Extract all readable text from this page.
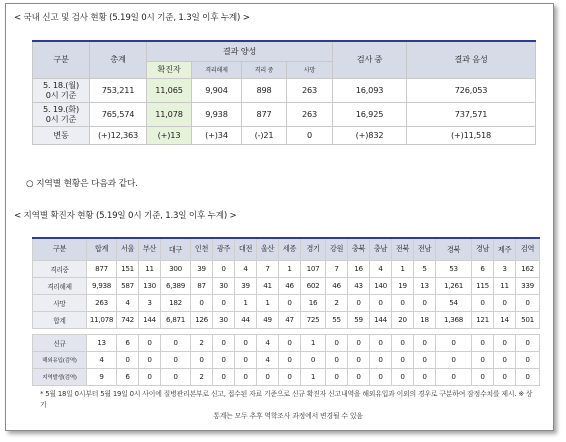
< 국내 신고 및 검사 현황 (5.19일 0시 기준, 1.3일 이후 누계) >
구분	총계	결과 양성				검사 중	결과 음성
		확진자	격리해제	격리 중	사망		
5. 18.(월)
0시 기준	753,211	11,065	9,904	898	263	16,093	726,053
5. 19.(화)
0시 기준	765,574	11,078	9,938	877	263	16,925	737,571
변동	(+)12,363	(+)13	(+)34	(-)21	0	(+)832	(+)11,518
○ 지역별 현황은 다음과 같다.
< 지역별 확진자 현황 (5.19일 0시 기준, 1.3일 이후 누계) >
구분	합계	서울	부산	대구	인천	광주	대전	울산	세종	경기	강원	충북	충남	전북	전남	경북	경남	제주	검역
격리중	877	151	11	300	39	0	4	7	1	107	7	16	4	1	5	53	6	3	162
격리해제	9,938	587	130	6,389	87	30	39	41	46	602	46	43	140	19	13	1,261	115	11	339
사망	263	4	3	182	0	0	1	1	0	16	2	0	0	0	0	54	0	0	0
합계	11,078	742	144	6,871	126	30	44	49	47	725	55	59	144	20	18	1,368	121	14	501

신규	13	6	0	0	2	0	0	4	0	1	0	0	0	0	0	0	0	0	0
해외유입(검역)	4	0	0	0	0	0	0	4	0	0	0	0	0	0	0	0	0	0	0
지역발생(검역)	9	6	0	0	2	0	0	0	0	1	0	0	0	0	0	0	0	0	0
* 5월 18일 0시부터 5월 19일 0시 사이에 질병관리본부로 신고, 접수된 자료 기준으로 신규 확진자 신고내역을 해외유입과 이외의 경우로 구분하여 잠정수치를 제시. ※ 상기
통계는 모두 추후 역학조사 과정에서 변경될 수 있음
